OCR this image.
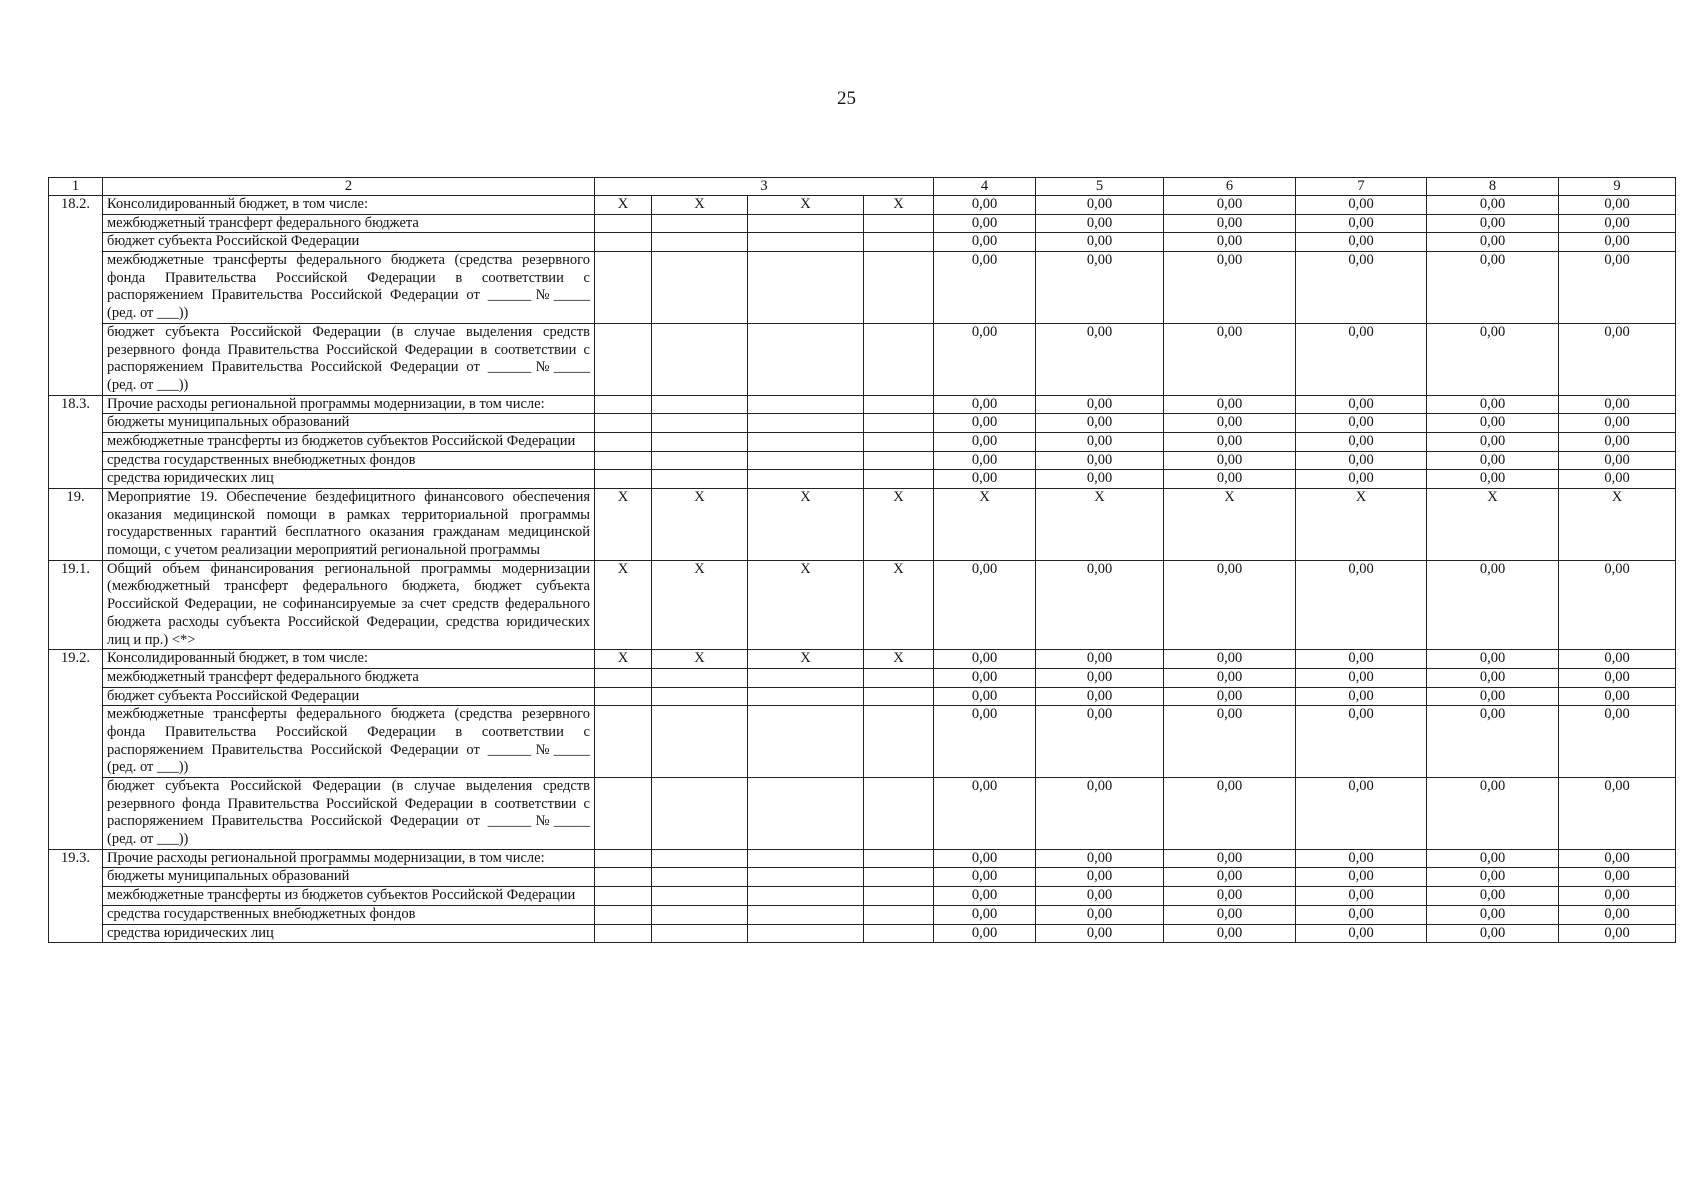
25
1	2	3				4	5	6	7	8	9
18.2.	Консолидированный бюджет, в том числе:	X	X	X	X	0,00	0,00	0,00	0,00	0,00	0,00
	межбюджетный трансферт федерального бюджета					0,00	0,00	0,00	0,00	0,00	0,00
	бюджет субъекта Российской Федерации					0,00	0,00	0,00	0,00	0,00	0,00
	межбюджетные трансферты федерального бюджета (средства резервного фонда Правительства Российской Федерации в соответствии с распоряжением Правительства Российской Федерации от ______№_____ (ред. от ___))					0,00	0,00	0,00	0,00	0,00	0,00
	бюджет субъекта Российской Федерации (в случае выделения средств резервного фонда Правительства Российской Федерации в соответствии с распоряжением Правительства Российской Федерации от ______№_____ (ред. от ___))					0,00	0,00	0,00	0,00	0,00	0,00
18.3.	Прочие расходы региональной программы модернизации, в том числе:					0,00	0,00	0,00	0,00	0,00	0,00
	бюджеты муниципальных образований					0,00	0,00	0,00	0,00	0,00	0,00
	межбюджетные трансферты из бюджетов субъектов Российской Федерации					0,00	0,00	0,00	0,00	0,00	0,00
	средства государственных внебюджетных фондов					0,00	0,00	0,00	0,00	0,00	0,00
	средства юридических лиц					0,00	0,00	0,00	0,00	0,00	0,00
19.	Мероприятие 19. Обеспечение бездефицитного финансового обеспечения оказания медицинской помощи в рамках территориальной программы государственных гарантий бесплатного оказания гражданам медицинской помощи, с учетом реализации мероприятий региональной программы	X	X	X	X	X	X	X	X	X	X
19.1.	Общий объем финансирования региональной программы модернизации (межбюджетный трансферт федерального бюджета, бюджет субъекта Российской Федерации, не софинансируемые за счет средств федерального бюджета расходы субъекта Российской Федерации, средства юридических лиц и пр.) <*>	X	X	X	X	0,00	0,00	0,00	0,00	0,00	0,00
19.2.	Консолидированный бюджет, в том числе:	X	X	X	X	0,00	0,00	0,00	0,00	0,00	0,00
	межбюджетный трансферт федерального бюджета					0,00	0,00	0,00	0,00	0,00	0,00
	бюджет субъекта Российской Федерации					0,00	0,00	0,00	0,00	0,00	0,00
	межбюджетные трансферты федерального бюджета (средства резервного фонда Правительства Российской Федерации в соответствии с распоряжением Правительства Российской Федерации от ______№_____ (ред. от ___))					0,00	0,00	0,00	0,00	0,00	0,00
	бюджет субъекта Российской Федерации (в случае выделения средств резервного фонда Правительства Российской Федерации в соответствии с распоряжением Правительства Российской Федерации от ______№_____ (ред. от ___))					0,00	0,00	0,00	0,00	0,00	0,00
19.3.	Прочие расходы региональной программы модернизации, в том числе:					0,00	0,00	0,00	0,00	0,00	0,00
	бюджеты муниципальных образований					0,00	0,00	0,00	0,00	0,00	0,00
	межбюджетные трансферты из бюджетов субъектов Российской Федерации					0,00	0,00	0,00	0,00	0,00	0,00
	средства государственных внебюджетных фондов					0,00	0,00	0,00	0,00	0,00	0,00
	средства юридических лиц					0,00	0,00	0,00	0,00	0,00	0,00
